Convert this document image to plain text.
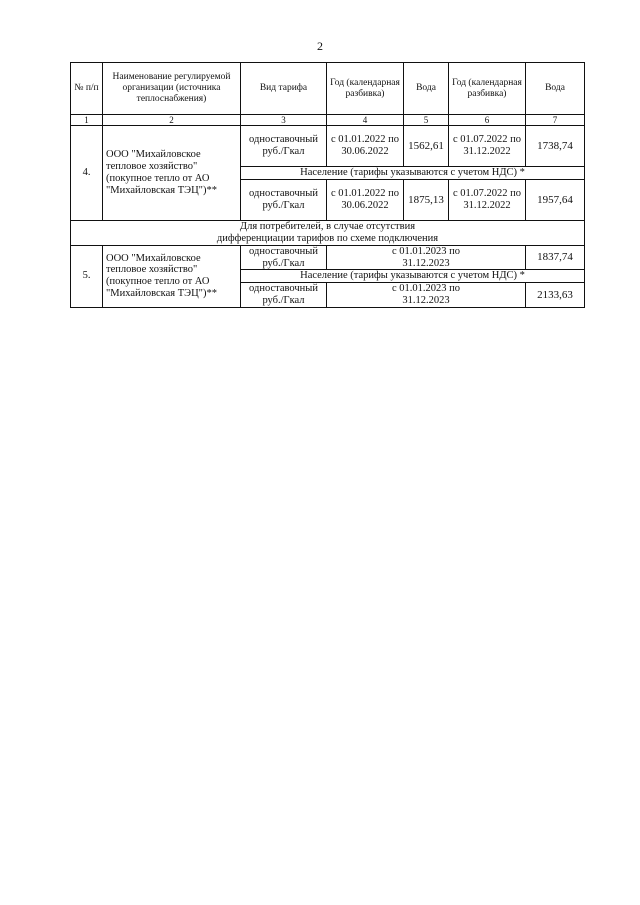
2
№ п/п	Наименование регулируемой организации (источника теплоснабжения)	Вид тарифа	Год (календарная разбивка)	Вода	Год (календарная разбивка)	Вода
1	2	3	4	5	6	7
4.	ООО "Михайловское тепловое хозяйство" (покупное тепло от АО "Михайловская ТЭЦ")**	одноставочный руб./Гкал	с 01.01.2022 по 30.06.2022	1562,61	с 01.07.2022 по 31.12.2022	1738,74
		Население (тарифы указываются с учетом НДС) *				
		одноставочный руб./Гкал	с 01.01.2022 по 30.06.2022	1875,13	с 01.07.2022 по 31.12.2022	1957,64
Для потребителей, в случае отсутствия дифференциации тарифов по схеме подключения						
5.	ООО "Михайловское тепловое хозяйство" (покупное тепло от АО "Михайловская ТЭЦ")**	одноставочный руб./Гкал	с 01.01.2023 по 31.12.2023			1837,74
		Население (тарифы указываются с учетом НДС) *				
		одноставочный руб./Гкал	с 01.01.2023 по 31.12.2023			2133,63
